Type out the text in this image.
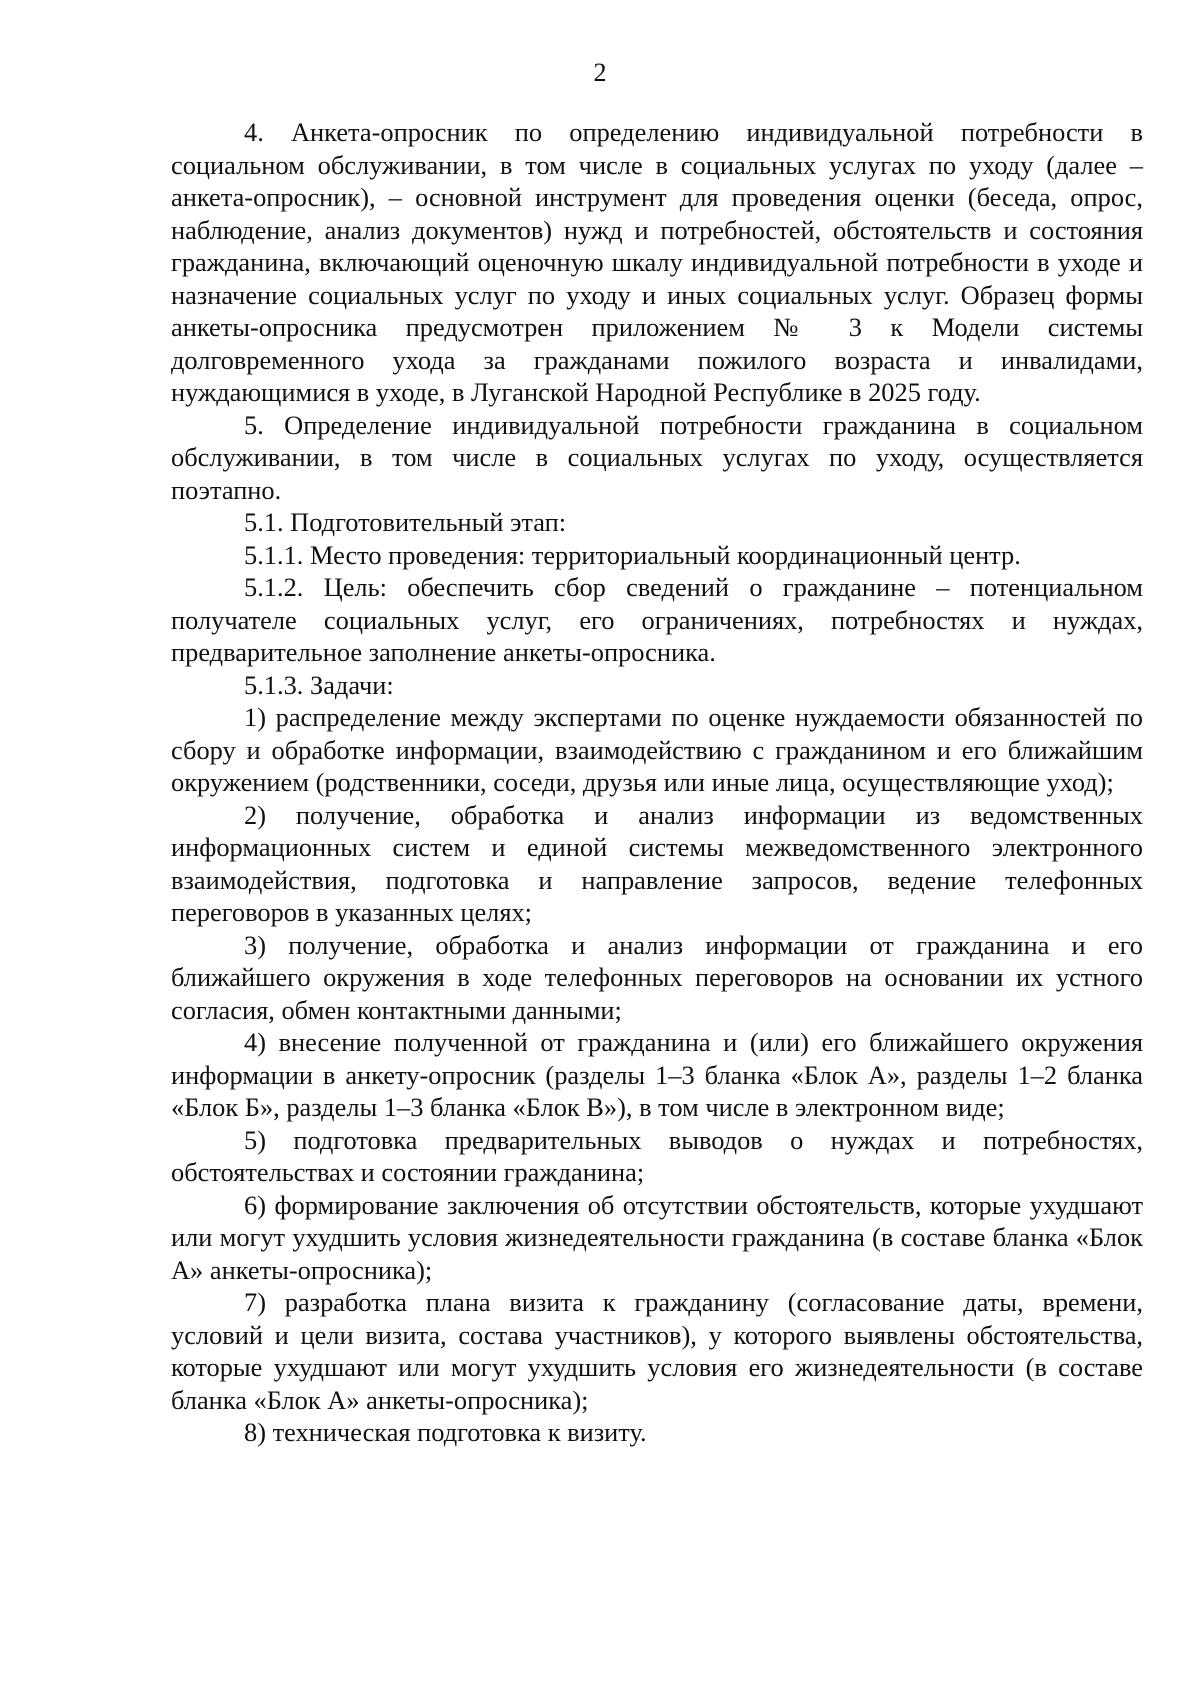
2

4. Анкета-опросник по определению индивидуальной потребности в социальном обслуживании, в том числе в социальных услугах по уходу (далее – анкета-опросник), – основной инструмент для проведения оценки (беседа, опрос, наблюдение, анализ документов) нужд и потребностей, обстоятельств и состояния гражданина, включающий оценочную шкалу индивидуальной потребности в уходе и назначение социальных услуг по уходу и иных социальных услуг. Образец формы анкеты-опросника предусмотрен приложением № 3 к Модели системы долговременного ухода за гражданами пожилого возраста и инвалидами, нуждающимися в уходе, в Луганской Народной Республике в 2025 году.

5. Определение индивидуальной потребности гражданина в социальном обслуживании, в том числе в социальных услугах по уходу, осуществляется поэтапно.

5.1. Подготовительный этап:

5.1.1. Место проведения: территориальный координационный центр.

5.1.2. Цель: обеспечить сбор сведений о гражданине – потенциальном получателе социальных услуг, его ограничениях, потребностях и нуждах, предварительное заполнение анкеты-опросника.

5.1.3. Задачи:

1) распределение между экспертами по оценке нуждаемости обязанностей по сбору и обработке информации, взаимодействию с гражданином и его ближайшим окружением (родственники, соседи, друзья или иные лица, осуществляющие уход);

2) получение, обработка и анализ информации из ведомственных информационных систем и единой системы межведомственного электронного взаимодействия, подготовка и направление запросов, ведение телефонных переговоров в указанных целях;

3) получение, обработка и анализ информации от гражданина и его ближайшего окружения в ходе телефонных переговоров на основании их устного согласия, обмен контактными данными;

4) внесение полученной от гражданина и (или) его ближайшего окружения информации в анкету-опросник (разделы 1–3 бланка «Блок А», разделы 1–2 бланка «Блок Б», разделы 1–3 бланка «Блок В»), в том числе в электронном виде;

5) подготовка предварительных выводов о нуждах и потребностях, обстоятельствах и состоянии гражданина;

6) формирование заключения об отсутствии обстоятельств, которые ухудшают или могут ухудшить условия жизнедеятельности гражданина (в составе бланка «Блок А» анкеты-опросника);

7) разработка плана визита к гражданину (согласование даты, времени, условий и цели визита, состава участников), у которого выявлены обстоятельства, которые ухудшают или могут ухудшить условия его жизнедеятельности (в составе бланка «Блок А» анкеты-опросника);

8) техническая подготовка к визиту.
